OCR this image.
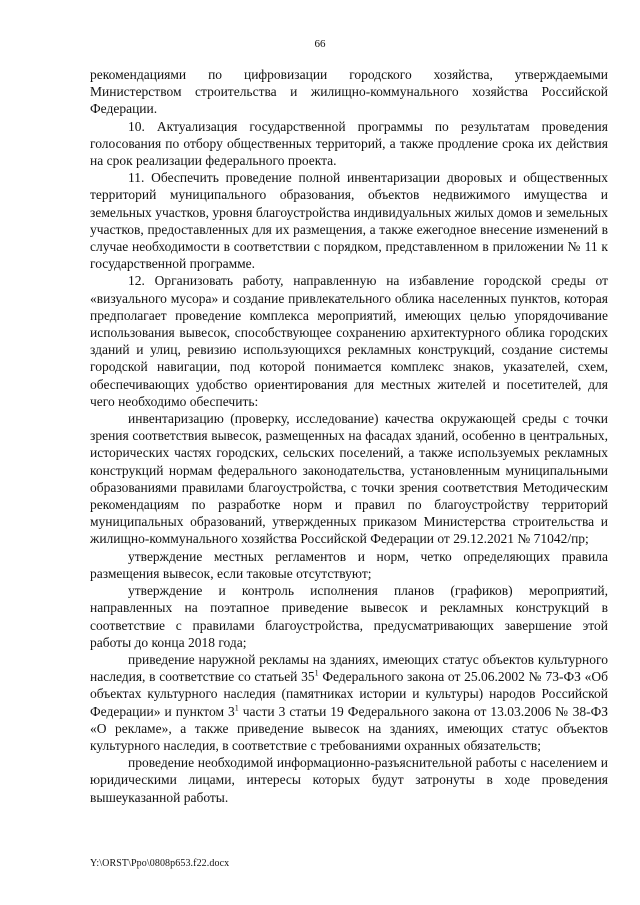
66

рекомендациями по цифровизации городского хозяйства, утверждаемыми Министерством строительства и жилищно-коммунального хозяйства Российской Федерации.

10. Актуализация государственной программы по результатам проведения голосования по отбору общественных территорий, а также продление срока их действия на срок реализации федерального проекта.

11. Обеспечить проведение полной инвентаризации дворовых и общественных территорий муниципального образования, объектов недвижимого имущества и земельных участков, уровня благоустройства индивидуальных жилых домов и земельных участков, предоставленных для их размещения, а также ежегодное внесение изменений в случае необходимости в соответствии с порядком, представленном в приложении № 11 к государственной программе.

12. Организовать работу, направленную на избавление городской среды от «визуального мусора» и создание привлекательного облика населенных пунктов, которая предполагает проведение комплекса мероприятий, имеющих целью упорядочивание использования вывесок, способствующее сохранению архитектурного облика городских зданий и улиц, ревизию использующихся рекламных конструкций, создание системы городской навигации, под которой понимается комплекс знаков, указателей, схем, обеспечивающих удобство ориентирования для местных жителей и посетителей, для чего необходимо обеспечить:

инвентаризацию (проверку, исследование) качества окружающей среды с точки зрения соответствия вывесок, размещенных на фасадах зданий, особенно в центральных, исторических частях городских, сельских поселений, а также используемых рекламных конструкций нормам федерального законодательства, установленным муниципальными образованиями правилами благоустройства, с точки зрения соответствия Методическим рекомендациям по разработке норм и правил по благоустройству территорий муниципальных образований, утвержденных приказом Министерства строительства и жилищно-коммунального хозяйства Российской Федерации от 29.12.2021 № 71042/пр;

утверждение местных регламентов и норм, четко определяющих правила размещения вывесок, если таковые отсутствуют;

утверждение и контроль исполнения планов (графиков) мероприятий, направленных на поэтапное приведение вывесок и рекламных конструкций в соответствие с правилами благоустройства, предусматривающих завершение этой работы до конца 2018 года;

приведение наружной рекламы на зданиях, имеющих статус объектов культурного наследия, в соответствие со статьей $35^1$ Федерального закона от 25.06.2002 № 73-ФЗ «Об объектах культурного наследия (памятниках истории и культуры) народов Российской Федерации» и пунктом $3^1$ части 3 статьи 19 Федерального закона от 13.03.2006 № 38-ФЗ «О рекламе», а также приведение вывесок на зданиях, имеющих статус объектов культурного наследия, в соответствие с требованиями охранных обязательств;

проведение необходимой информационно-разъяснительной работы с населением и юридическими лицами, интересы которых будут затронуты в ходе проведения вышеуказанной работы.

Y:\ORST\Ppo\0808p653.f22.docx
